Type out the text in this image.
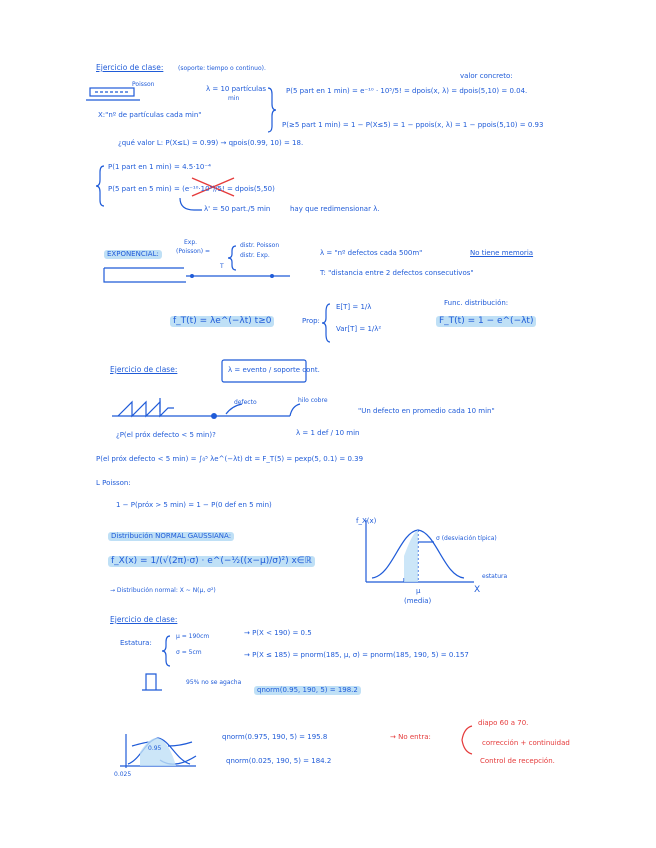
Ejercicio de clase: (soporte: tiempo o continuo).
Poisson
λ = 10 partículas
min
X:"nº de partículas cada min"
valor concreto:
P(5 part en 1 min) = e⁻¹⁰ · 10⁵/5! = dpois(x, λ) = dpois(5,10) = 0.04.
P(≥5 part 1 min) = 1 − P(X≤5) = 1 − ppois(x, λ) = 1 − ppois(5,10) = 0.93
¿qué valor L: P(X≤L) = 0.99) → qpois(0.99, 10) = 18.
P(1 part en 1 min) = 4.5·10⁻⁴
P(5 part en 5 min) = (e⁻¹⁰·10⁵)/5! = dpois(5,50)
λ' = 50 part./5 min	hay que redimensionar λ.
EXPONENCIAL:
Exp.
(Poisson) =
distr. Poisson
distr. Exp.
T
λ = "nº defectos cada 500m"	No tiene memoria
T: "distancia entre 2 defectos consecutivos"
f_T(t) = λe^(−λt) t≥0	Prop:
E[T] = 1/λ
Var[T] = 1/λ²
Func. distribución:
F_T(t) = 1 − e^(−λt)
Ejercicio de clase:	λ = evento / soporte cont.
defecto	hilo cobre
"Un defecto en promedio cada 10 min"
¿P(el próx defecto < 5 min)?	λ = 1 def / 10 min
P(el próx defecto < 5 min) = ∫₀⁵ λe^(−λt) dt = F_T(5) = pexp(5, 0.1) = 0.39
L Poisson:
1 − P(próx > 5 min) = 1 − P(0 def en 5 min)
Distribución NORMAL GAUSSIANA:
f_X(x) = 1/(√(2π)·σ) · e^(−½((x−μ)/σ)²) x∈ℝ
→ Distribución normal: X ~ N(μ, σ²)
f_X(x)
σ (desviación típica)
estatura
μ
(media)
X
Ejercicio de clase:
Estatura:
μ = 190cm
σ = 5cm
→ P(X < 190) = 0.5
→ P(X ≤ 185) = pnorm(185, μ, σ) = pnorm(185, 190, 5) = 0.157
95% no se agacha
qnorm(0.95, 190, 5) = 198.2
qnorm(0.975, 190, 5) = 195.8
qnorm(0.025, 190, 5) = 184.2
0.95
0.025
→ No entra:
diapo 60 a 70.
corrección + continuidad
Control de recepción.
